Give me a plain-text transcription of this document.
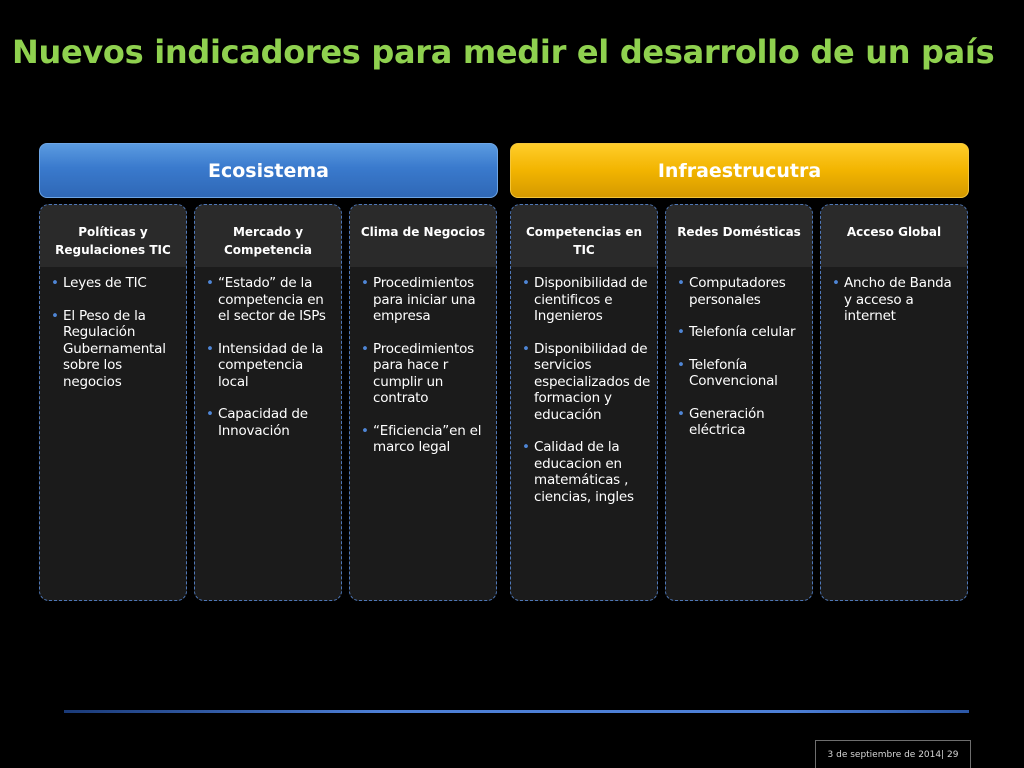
Nuevos indicadores para medir el desarrollo de un país
Ecosistema	Infraestrucutra
Políticas y Regulaciones TIC
• Leyes de TIC
• El Peso de la Regulación Gubernamental sobre los negocios
Mercado y Competencia
• “Estado” de la competencia en el sector de ISPs
• Intensidad de la competencia local
• Capacidad de Innovación
Clima de Negocios
• Procedimientos para iniciar una empresa
• Procedimientos para hace r cumplir un contrato
• “Eficiencia”en el marco legal
Competencias en TIC
• Disponibilidad de cientificos e Ingenieros
• Disponibilidad de servicios especializados de formacion y educación
• Calidad de la educacion en matemáticas , ciencias, ingles
Redes Domésticas
• Computadores personales
• Telefonía celular
• Telefonía Convencional
• Generación eléctrica
Acceso Global
• Ancho de Banda y acceso a internet
3 de septiembre de 2014| 29
